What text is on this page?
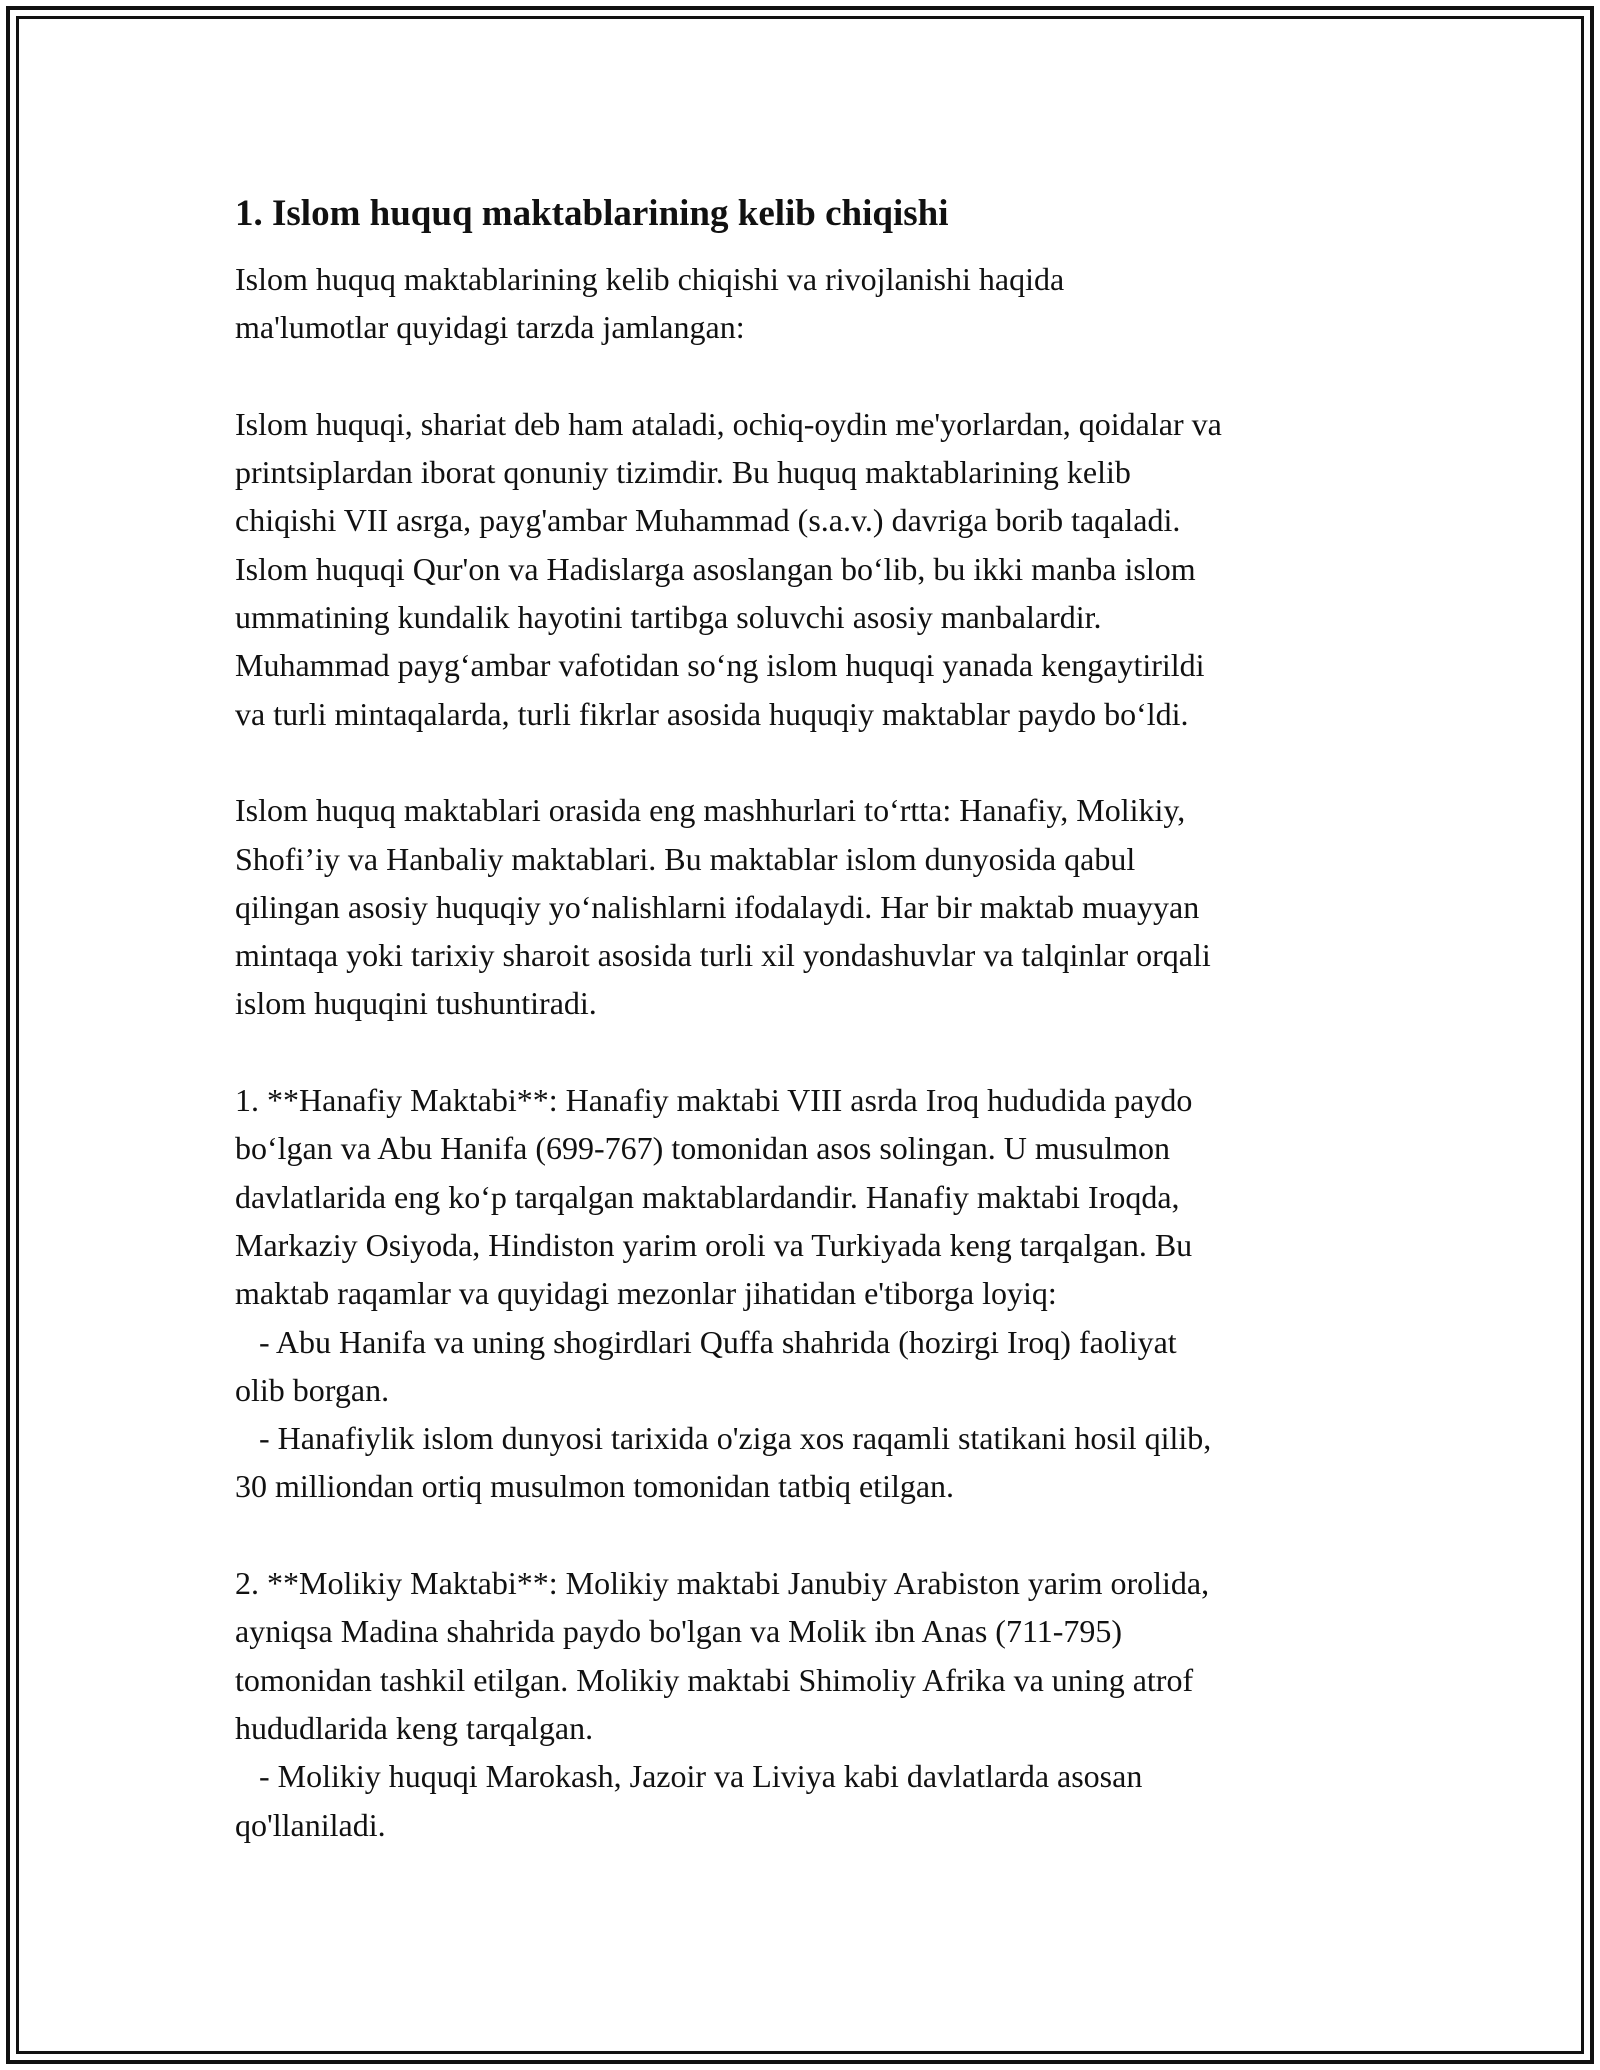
1. Islom huquq maktablarining kelib chiqishi

Islom huquq maktablarining kelib chiqishi va rivojlanishi haqida
ma'lumotlar quyidagi tarzda jamlangan:

Islom huquqi, shariat deb ham ataladi, ochiq-oydin me'yorlardan, qoidalar va
printsiplardan iborat qonuniy tizimdir. Bu huquq maktablarining kelib
chiqishi VII asrga, payg'ambar Muhammad (s.a.v.) davriga borib taqaladi.
Islom huquqi Qur'on va Hadislarga asoslangan bo‘lib, bu ikki manba islom
ummatining kundalik hayotini tartibga soluvchi asosiy manbalardir.
Muhammad payg‘ambar vafotidan so‘ng islom huquqi yanada kengaytirildi
va turli mintaqalarda, turli fikrlar asosida huquqiy maktablar paydo bo‘ldi.

Islom huquq maktablari orasida eng mashhurlari to‘rtta: Hanafiy, Molikiy,
Shofi’iy va Hanbaliy maktablari. Bu maktablar islom dunyosida qabul
qilingan asosiy huquqiy yo‘nalishlarni ifodalaydi. Har bir maktab muayyan
mintaqa yoki tarixiy sharoit asosida turli xil yondashuvlar va talqinlar orqali
islom huquqini tushuntiradi.

1. **Hanafiy Maktabi**: Hanafiy maktabi VIII asrda Iroq hududida paydo
bo‘lgan va Abu Hanifa (699-767) tomonidan asos solingan. U musulmon
davlatlarida eng ko‘p tarqalgan maktablardandir. Hanafiy maktabi Iroqda,
Markaziy Osiyoda, Hindiston yarim oroli va Turkiyada keng tarqalgan. Bu
maktab raqamlar va quyidagi mezonlar jihatidan e'tiborga loyiq:
- Abu Hanifa va uning shogirdlari Quffa shahrida (hozirgi Iroq) faoliyat
olib borgan.
- Hanafiylik islom dunyosi tarixida o'ziga xos raqamli statikani hosil qilib,
30 milliondan ortiq musulmon tomonidan tatbiq etilgan.

2. **Molikiy Maktabi**: Molikiy maktabi Janubiy Arabiston yarim orolida,
ayniqsa Madina shahrida paydo bo'lgan va Molik ibn Anas (711-795)
tomonidan tashkil etilgan. Molikiy maktabi Shimoliy Afrika va uning atrof
hududlarida keng tarqalgan.
- Molikiy huquqi Marokash, Jazoir va Liviya kabi davlatlarda asosan
qo'llaniladi.
